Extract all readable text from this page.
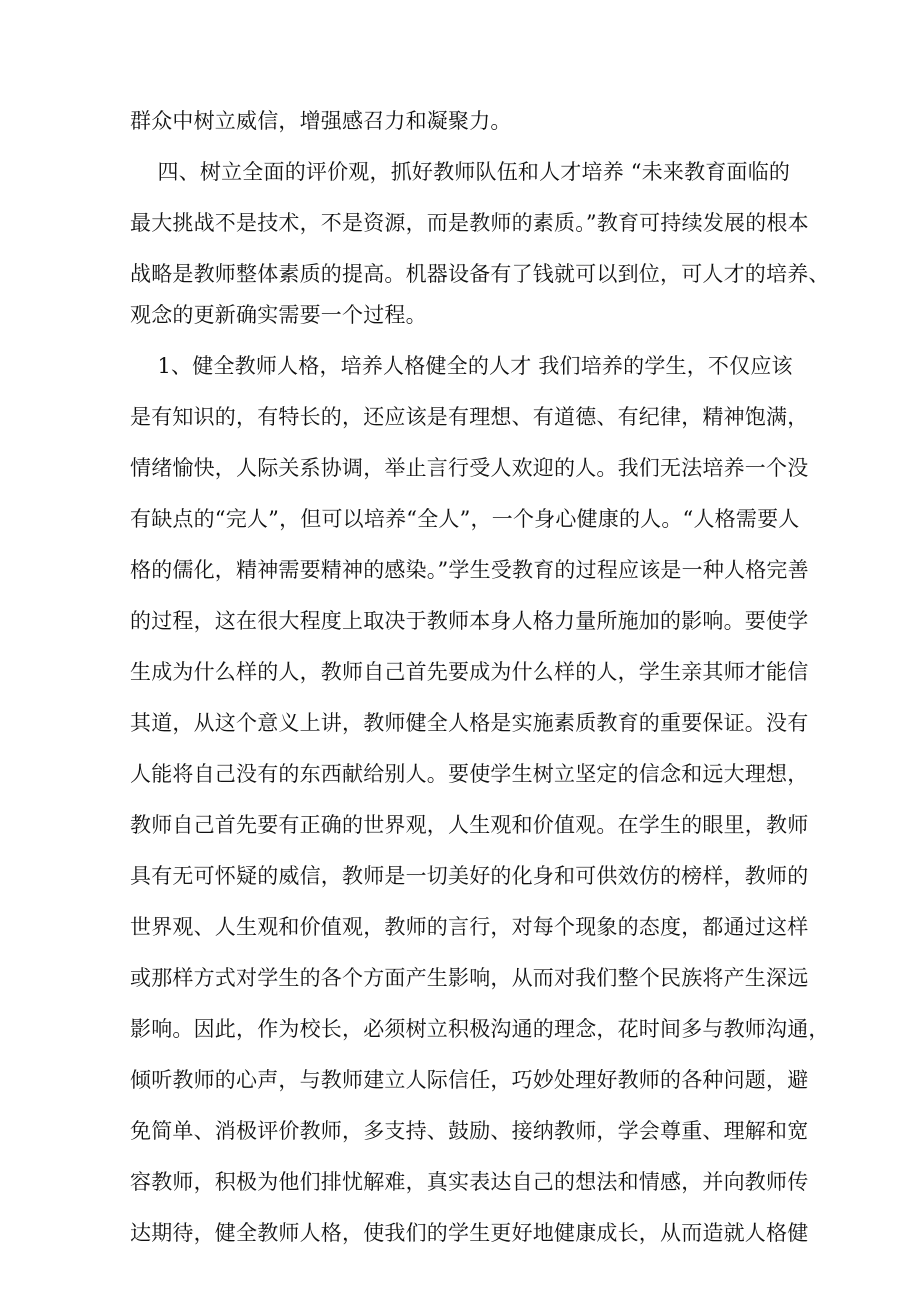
群众中树立威信，增强感召力和凝聚力。
四、树立全面的评价观，抓好教师队伍和人才培养 “未来教育面临的
最大挑战不是技术，不是资源，而是教师的素质。”教育可持续发展的根本
战略是教师整体素质的提高。机器设备有了钱就可以到位，可人才的培养、
观念的更新确实需要一个过程。
1、健全教师人格，培养人格健全的人才 我们培养的学生，不仅应该
是有知识的，有特长的，还应该是有理想、有道德、有纪律，精神饱满，
情绪愉快，人际关系协调，举止言行受人欢迎的人。我们无法培养一个没
有缺点的“完人”，但可以培养“全人”，一个身心健康的人。“人格需要人
格的儒化，精神需要精神的感染。”学生受教育的过程应该是一种人格完善
的过程，这在很大程度上取决于教师本身人格力量所施加的影响。要使学
生成为什么样的人，教师自己首先要成为什么样的人，学生亲其师才能信
其道，从这个意义上讲，教师健全人格是实施素质教育的重要保证。没有
人能将自己没有的东西献给别人。要使学生树立坚定的信念和远大理想，
教师自己首先要有正确的世界观，人生观和价值观。在学生的眼里，教师
具有无可怀疑的威信，教师是一切美好的化身和可供效仿的榜样，教师的
世界观、人生观和价值观，教师的言行，对每个现象的态度，都通过这样
或那样方式对学生的各个方面产生影响，从而对我们整个民族将产生深远
影响。因此，作为校长，必须树立积极沟通的理念，花时间多与教师沟通，
倾听教师的心声，与教师建立人际信任，巧妙处理好教师的各种问题，避
免简单、消极评价教师，多支持、鼓励、接纳教师，学会尊重、理解和宽
容教师，积极为他们排忧解难，真实表达自己的想法和情感，并向教师传
达期待，健全教师人格，使我们的学生更好地健康成长，从而造就人格健
